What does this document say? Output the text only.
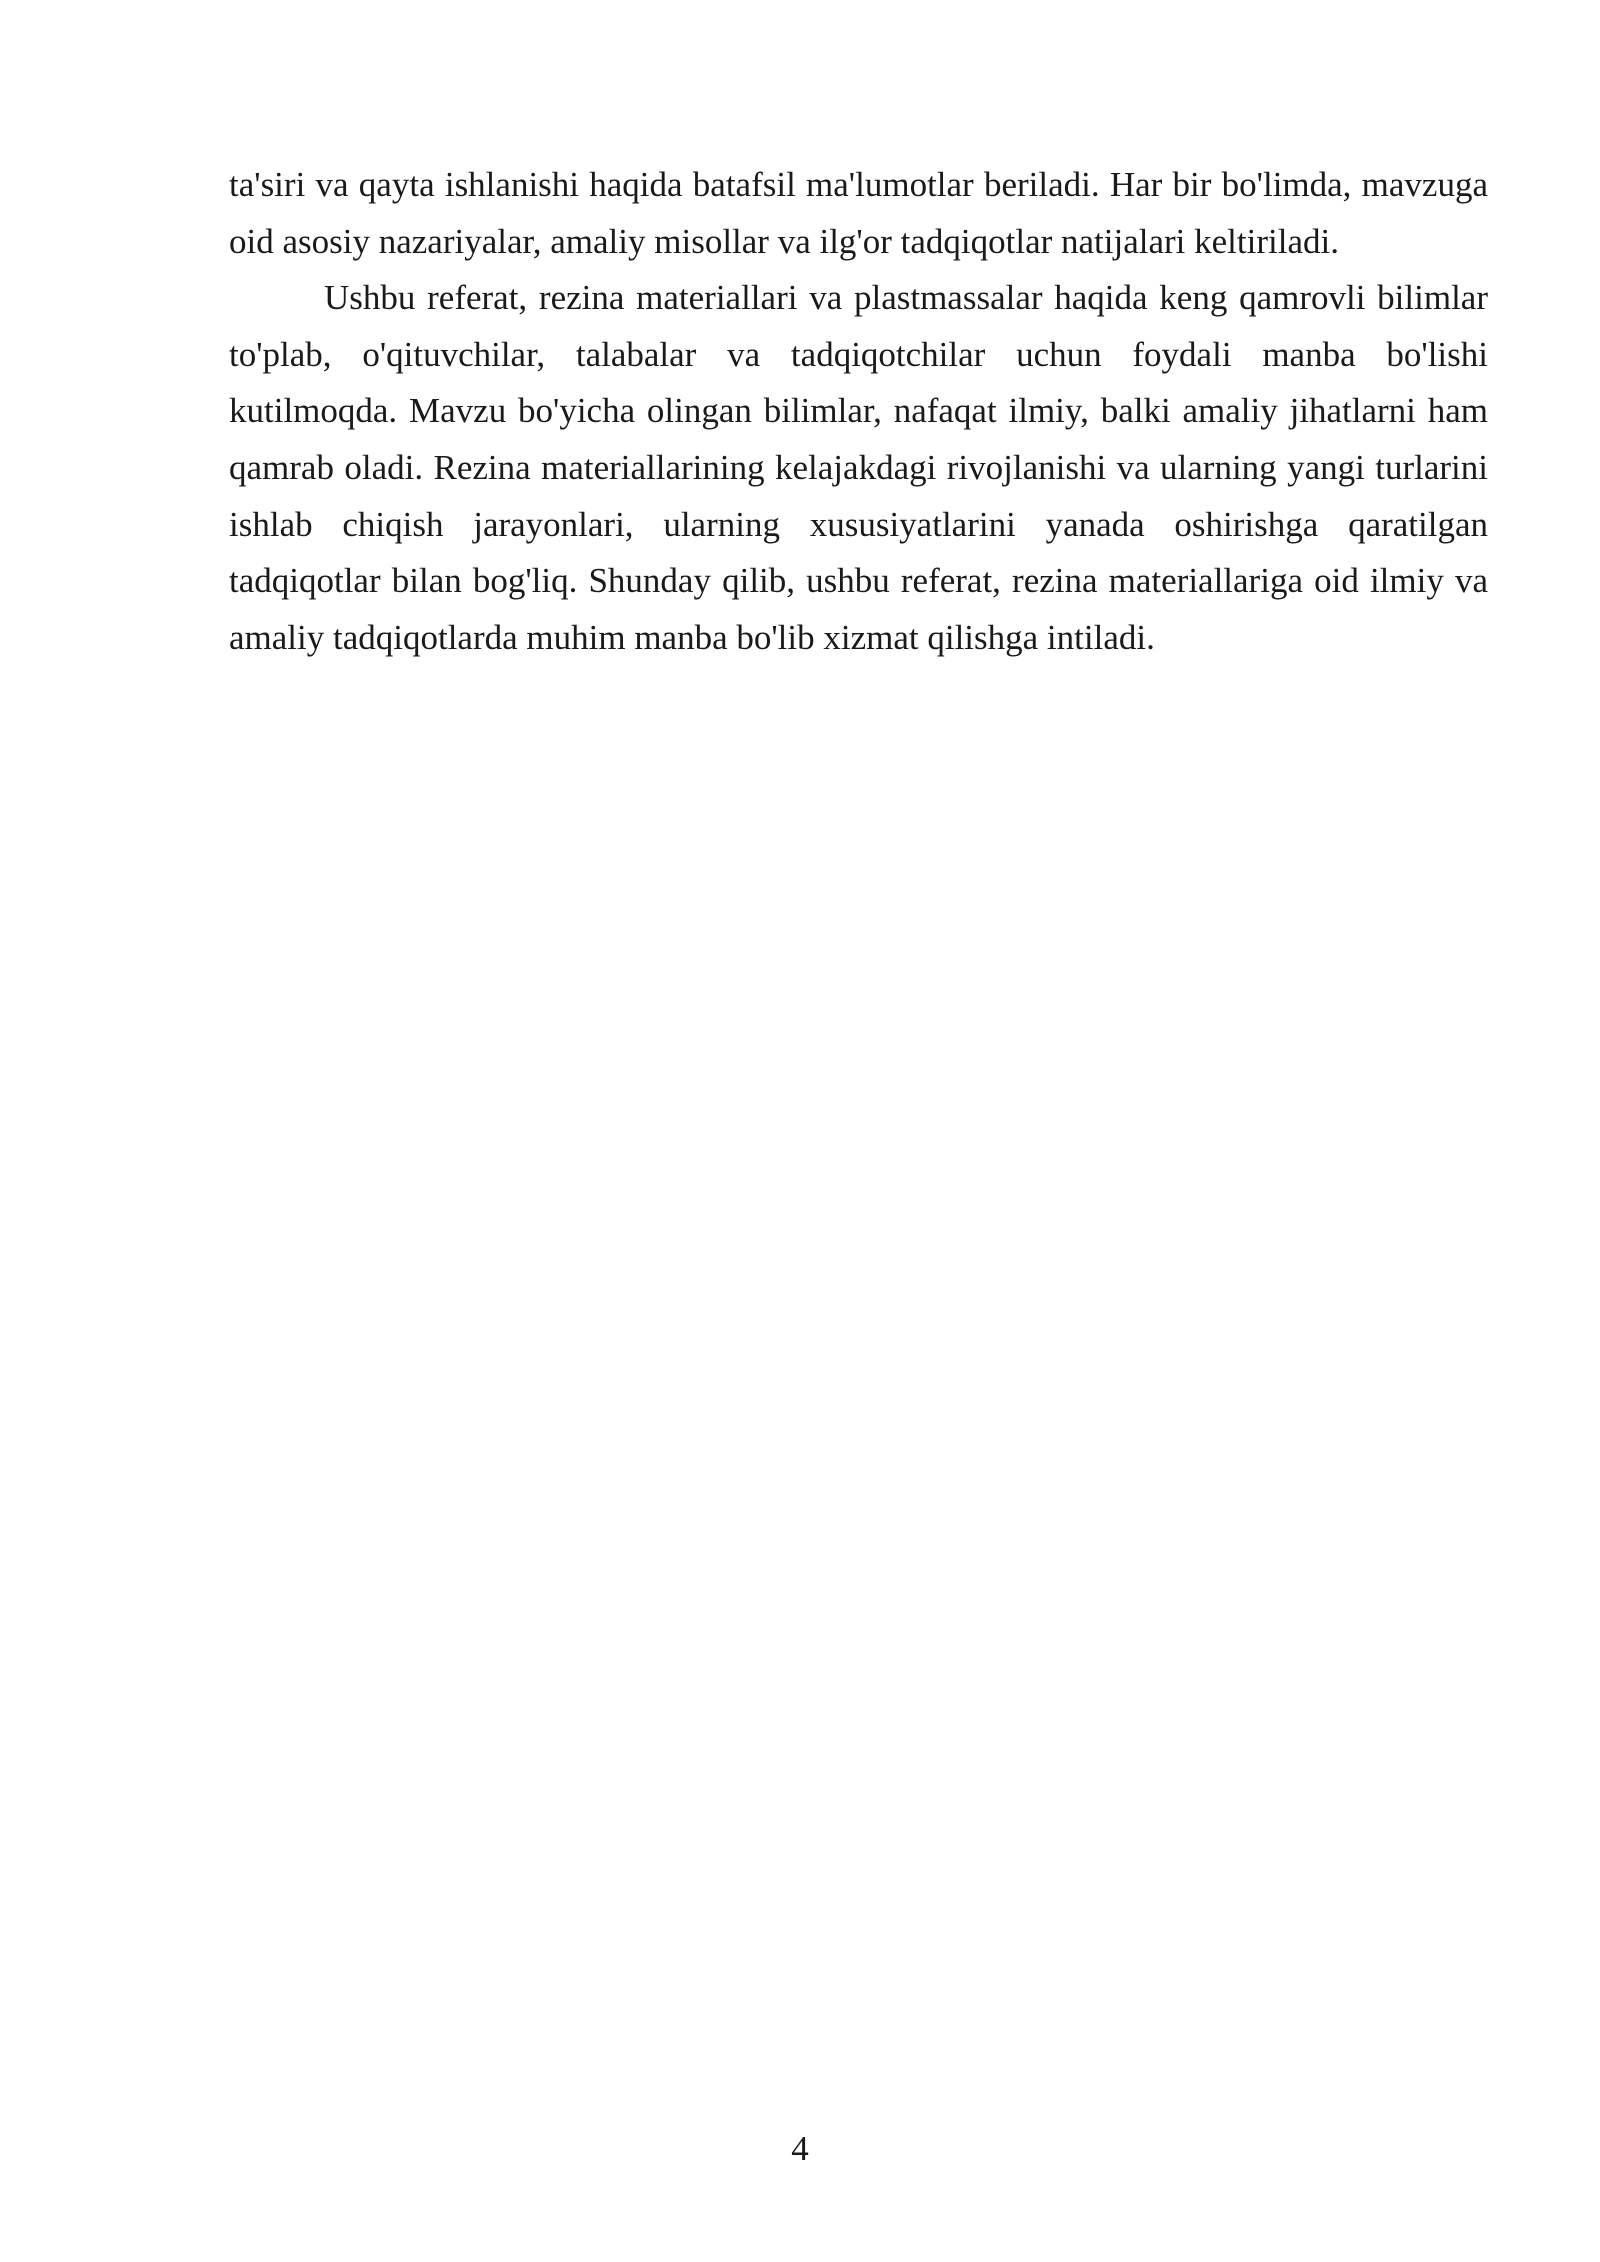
ta'siri va qayta ishlanishi haqida batafsil ma'lumotlar beriladi. Har bir bo'limda, mavzuga oid asosiy nazariyalar, amaliy misollar va ilg'or tadqiqotlar natijalari keltiriladi.

Ushbu referat, rezina materiallari va plastmassalar haqida keng qamrovli bilimlar to'plab, o'qituvchilar, talabalar va tadqiqotchilar uchun foydali manba bo'lishi kutilmoqda. Mavzu bo'yicha olingan bilimlar, nafaqat ilmiy, balki amaliy jihatlarni ham qamrab oladi. Rezina materiallarining kelajakdagi rivojlanishi va ularning yangi turlarini ishlab chiqish jarayonlari, ularning xususiyatlarini yanada oshirishga qaratilgan tadqiqotlar bilan bog'liq. Shunday qilib, ushbu referat, rezina materiallariga oid ilmiy va amaliy tadqiqotlarda muhim manba bo'lib xizmat qilishga intiladi.

4
